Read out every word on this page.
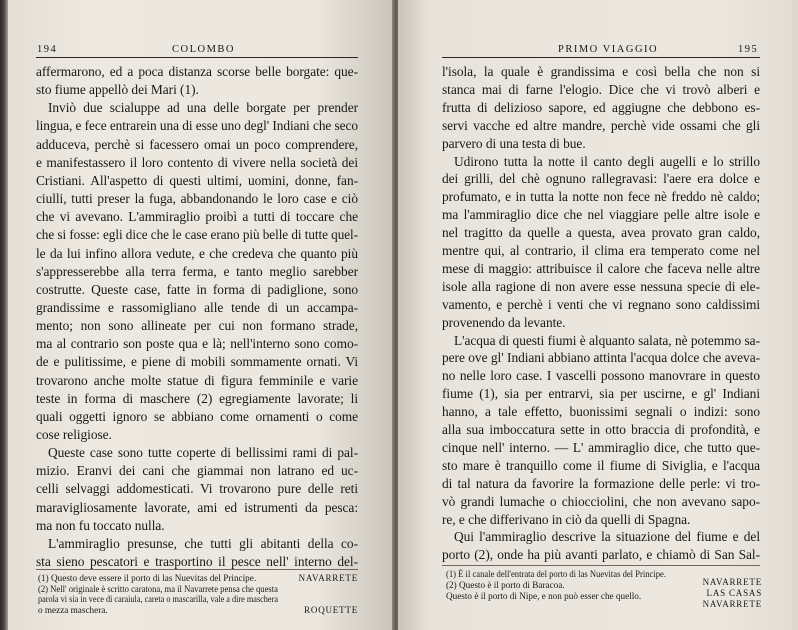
194	COLOMBO
affermarono, ed a poca distanza scorse belle borgate: que-
sto fiume appellò dei Mari (1).
Inviò due scialuppe ad una delle borgate per prender
lingua, e fece entrarein una di esse uno degl' Indiani che seco
adduceva, perchè si facessero omai un poco comprendere,
e manifestassero il loro contento di vivere nella società dei
Cristiani. All'aspetto di questi ultimi, uomini, donne, fan-
ciulli, tutti preser la fuga, abbandonando le loro case e ciò
che vi avevano. L'ammiraglio proibì a tutti di toccare che
che si fosse: egli dice che le case erano più belle di tutte quel-
le da lui infino allora vedute, e che credeva che quanto più
s'appresserebbe alla terra ferma, e tanto meglio sarebber
costrutte. Queste case, fatte in forma di padiglione, sono
grandissime e rassomigliano alle tende di un accampa-
mento; non sono allineate per cui non formano strade,
ma al contrario son poste qua e là; nell'interno sono como-
de e pulitissime, e piene di mobili sommamente ornati. Vi
trovarono anche molte statue di figura femminile e varie
teste in forma di maschere (2) egregiamente lavorate; li
quali oggetti ignoro se abbiano come ornamenti o come
cose religiose.
Queste case sono tutte coperte di bellissimi rami di pal-
mizio. Eranvi dei cani che giammai non latrano ed uc-
celli selvaggi addomesticati. Vi trovarono pure delle reti
maravigliosamente lavorate, ami ed istrumenti da pesca:
ma non fu toccato nulla.
L'ammiraglio presunse, che tutti gli abitanti della co-
sta sieno pescatori e trasportino il pesce nell' interno del-
(1) Questo deve essere il porto di las Nuevitas del Principe.
(2) Nell' originale è scritto caratona, ma il Navarrete pensa che questa
parola vi sia in vece di caraiula, careta o mascarilla, vale a dire maschera
o mezza maschera.
NAVARRETE
ROQUETTE
PRIMO VIAGGIO	195
l'isola, la quale è grandissima e così bella che non si
stanca mai di farne l'elogio. Dice che vi trovò alberi e
frutta di delizioso sapore, ed aggiugne che debbono es-
servi vacche ed altre mandre, perchè vide ossami che gli
parvero di una testa di bue.
Udirono tutta la notte il canto degli augelli e lo strillo
dei grilli, del chè ognuno rallegravasi: l'aere era dolce e
profumato, e in tutta la notte non fece nè freddo nè caldo;
ma l'ammiraglio dice che nel viaggiare pelle altre isole e
nel tragitto da quelle a questa, avea provato gran caldo,
mentre qui, al contrario, il clima era temperato come nel
mese di maggio: attribuisce il calore che faceva nelle altre
isole alla ragione di non avere esse nessuna specie di ele-
vamento, e perchè i venti che vi regnano sono caldissimi
provenendo da levante.
L'acqua di questi fiumi è alquanto salata, nè potemmo sa-
pere ove gl' Indiani abbiano attinta l'acqua dolce che aveva-
no nelle loro case. I vascelli possono manovrare in questo
fiume (1), sia per entrarvi, sia per uscirne, e gl' Indiani
hanno, a tale effetto, buonissimi segnali o indizi: sono
alla sua imboccatura sette in otto braccia di profondità, e
cinque nell' interno. — L' ammiraglio dice, che tutto que-
sto mare è tranquillo come il fiume di Siviglia, e l'acqua
di tal natura da favorire la formazione delle perle: vi tro-
vò grandi lumache o chiocciolini, che non avevano sapo-
re, e che differivano in ciò da quelli di Spagna.
Qui l'ammiraglio descrive la situazione del fiume e del
porto (2), onde ha più avanti parlato, e chiamò di San Sal-
(1) È il canale dell'entrata del porto di las Nuevitas del Principe.
(2) Questo è il porto di Baracoa.
Questo è il porto di Nipe, e non può esser che quello.
NAVARRETE
LAS CASAS
NAVARRETE
